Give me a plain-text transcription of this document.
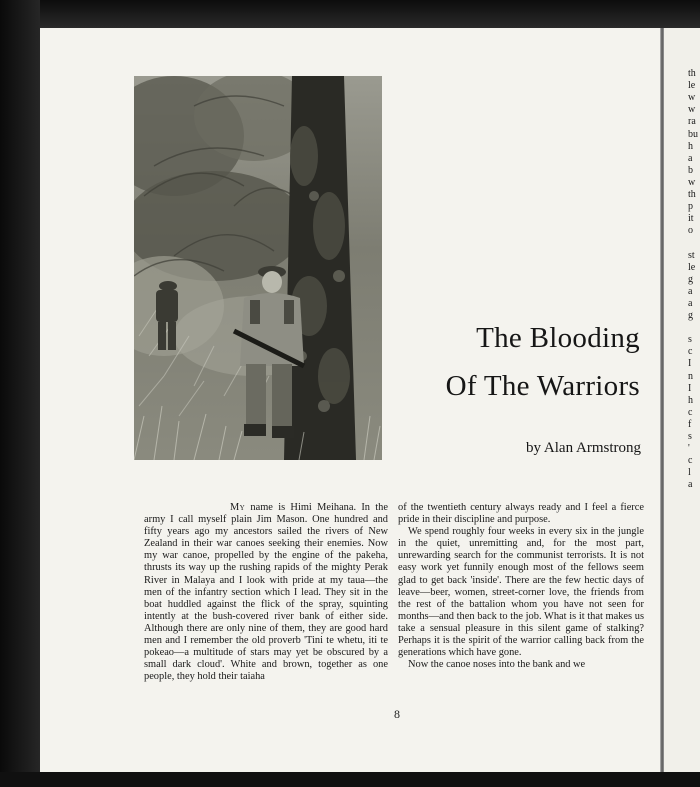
The Blooding
Of The Warriors
by Alan Armstrong

My name is Himi Meihana. In the army I call myself plain Jim Mason. One hundred and fifty years ago my ancestors sailed the rivers of New Zealand in their war canoes seeking their enemies. Now my war canoe, propelled by the engine of the pakeha, thrusts its way up the rushing rapids of the mighty Perak River in Malaya and I look with pride at my taua—the men of the infantry section which I lead. They sit in the boat huddled against the flick of the spray, squinting intently at the bush-covered river bank of either side. Although there are only nine of them, they are good hard men and I remember the old proverb 'Tini te whetu, iti te pokeao—a multitude of stars may yet be obscured by a small dark cloud'. White and brown, together as one people, they hold their taiaha

of the twentieth century always ready and I feel a fierce pride in their discipline and purpose.

We spend roughly four weeks in every six in the jungle in the quiet, unremitting and, for the most part, unrewarding search for the communist terrorists. It is not easy work yet funnily enough most of the fellows seem glad to get back 'inside'. There are the few hectic days of leave—beer, women, street-corner love, the friends from the rest of the battalion whom you have not seen for months—and then back to the job. What is it that makes us take a sensual pleasure in this silent game of stalking? Perhaps it is the spirit of the warrior calling back from the generations which have gone.

Now the canoe noses into the bank and we

8
th
le
w
w
ra
bu
h
a
b
w
th
p
it
o
st
le
g
a
a
g
s
c
I
n
I
h
c
f
s
'
c
l
a
